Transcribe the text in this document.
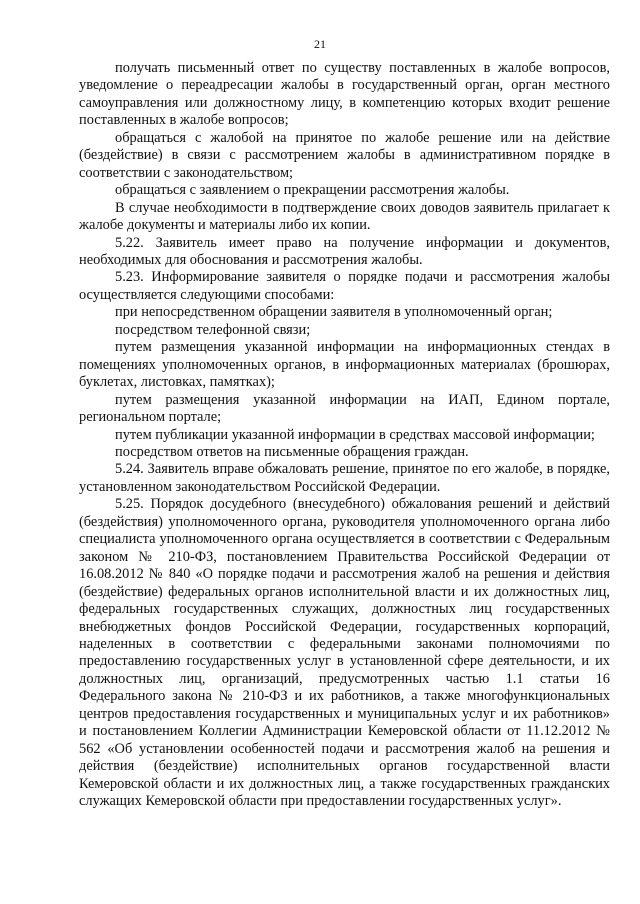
21

получать письменный ответ по существу поставленных в жалобе вопросов, уведомление о переадресации жалобы в государственный орган, орган местного самоуправления или должностному лицу, в компетенцию которых входит решение поставленных в жалобе вопросов;

обращаться с жалобой на принятое по жалобе решение или на действие (бездействие) в связи с рассмотрением жалобы в административном порядке в соответствии с законодательством;

обращаться с заявлением о прекращении рассмотрения жалобы.

В случае необходимости в подтверждение своих доводов заявитель прилагает к жалобе документы и материалы либо их копии.

5.22. Заявитель имеет право на получение информации и документов, необходимых для обоснования и рассмотрения жалобы.

5.23. Информирование заявителя о порядке подачи и рассмотрения жалобы осуществляется следующими способами:

при непосредственном обращении заявителя в уполномоченный орган;

посредством телефонной связи;

путем размещения указанной информации на информационных стендах в помещениях уполномоченных органов, в информационных материалах (брошюрах, буклетах, листовках, памятках);

путем размещения указанной информации на ИАП, Едином портале, региональном портале;

путем публикации указанной информации в средствах массовой информации;

посредством ответов на письменные обращения граждан.

5.24. Заявитель вправе обжаловать решение, принятое по его жалобе, в порядке, установленном законодательством Российской Федерации.

5.25. Порядок досудебного (внесудебного) обжалования решений и действий (бездействия) уполномоченного органа, руководителя уполномоченного органа либо специалиста уполномоченного органа осуществляется в соответствии с Федеральным законом № 210-ФЗ, постановлением Правительства Российской Федерации от 16.08.2012 № 840 «О порядке подачи и рассмотрения жалоб на решения и действия (бездействие) федеральных органов исполнительной власти и их должностных лиц, федеральных государственных служащих, должностных лиц государственных внебюджетных фондов Российской Федерации, государственных корпораций, наделенных в соответствии с федеральными законами полномочиями по предоставлению государственных услуг в установленной сфере деятельности, и их должностных лиц, организаций, предусмотренных частью 1.1 статьи 16 Федерального закона № 210-ФЗ и их работников, а также многофункциональных центров предоставления государственных и муниципальных услуг и их работников» и постановлением Коллегии Администрации Кемеровской области от 11.12.2012 № 562 «Об установлении особенностей подачи и рассмотрения жалоб на решения и действия (бездействие) исполнительных органов государственной власти Кемеровской области и их должностных лиц, а также государственных гражданских служащих Кемеровской области при предоставлении государственных услуг».
